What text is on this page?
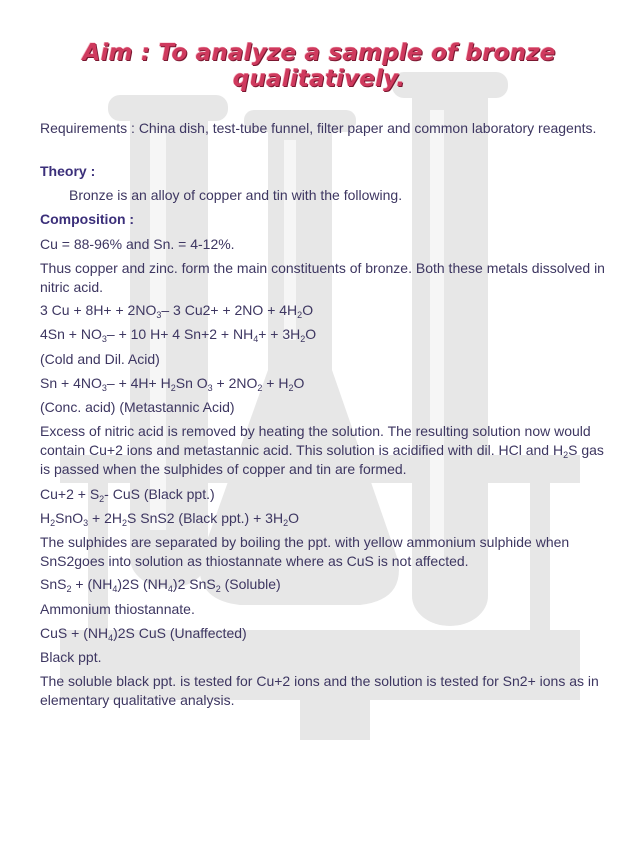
Aim : To analyze a sample of bronze qualitatively.
Requirements : China dish, test-tube funnel, filter paper and common laboratory reagents.
Theory :
Bronze is an alloy of copper and tin with the following.
Composition :
Cu = 88-96% and Sn. = 4-12%.
Thus copper and zinc. form the main constituents of bronze. Both these metals dissolved in nitric acid.
3 $Cu + 8H+ + 2NO_3-$ 3 $Cu2+ + 2NO + 4H_2O$
$4Sn + NO_3- + 10$ H+ 4 $Sn+2 + NH_4+ + 3H_2O$
(Cold and Dil. Acid)
$Sn + 4NO_3- + 4H+ H_2Sn$ $O_3 + 2NO_2 + H_2O$
(Conc. acid) (Metastannic Acid)
Excess of nitric acid is removed by heating the solution. The resulting solution now would contain Cu+2 ions and metastannic acid. This solution is acidified with dil. HCl and $H_2S$ gas is passed when the sulphides of copper and tin are formed.
$Cu+2 + S_2-$ CuS (Black ppt.)
$H_2SnO_3 + 2H_2S$ SnS2 (Black $ppt.) + 3H_2O$
The sulphides are separated by boiling the ppt. with yellow ammonium sulphide when SnS2goes into solution as thiostannate where as CuS is not affected.
$SnS_2 + (NH_4)2S$ $(NH_4)2$ SnS$_2$ (Soluble)
Ammonium thiostannate.
CuS + $(NH_4)2S$ CuS (Unaffected)
Black ppt.
The soluble black ppt. is tested for Cu+2 ions and the solution is tested for Sn2+ ions as in elementary qualitative analysis.
